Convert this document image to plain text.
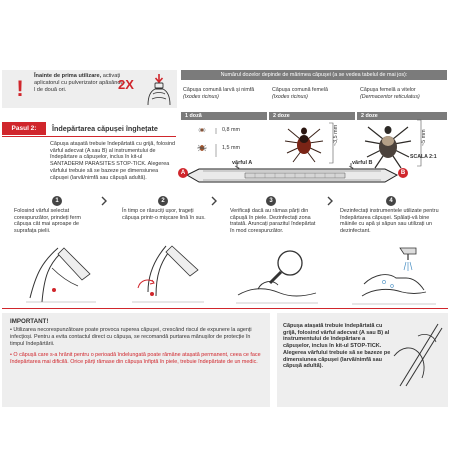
!	Înainte de prima utilizare, activați aplicatorul cu pulverizator apăsându-l de două ori.	2X
Numărul dozelor depinde de mărimea căpușei (a se vedea tabelul de mai jos):
Căpușa comună larvă și nimfă
(Ixodes ricinus)
1 doză
0,8 mm
1,5 mm
Căpușa comună femelă
(Ixodes ricinus)
2 doze
~3,5 mm
Căpușa femelă a vitelor
(Dermacentor reticulatus)
2 doze
~5 mm
SCALA 2:1
Pasul 2:	Îndepărtarea căpușei înghețate
Căpușa atașată trebuie îndepărtată cu grijă, folosind vârful adecvat (A sau B) al instrumentului de îndepărtare a căpușelor, inclus în kit-ul SANTADERM PARASITES STOP-TICK. Alegerea vârfului trebuie să se bazeze pe dimensiunea căpușei (larvă/nimfă sau căpușă adultă).
vârful A	vârful B
A	B
1
Folosind vârful selectat corespunzător, prindeți ferm căpușa cât mai aproape de suprafața pielii.
2
În timp ce răsuciți ușor, trageți căpușa printr-o mișcare lină în sus.
3
Verificați dacă au rămas părți din căpușă în piele. Dezinfectați zona tratată. Aruncați parazitul îndepărtat în mod corespunzător.
4
Dezinfectați instrumentele utilizate pentru îndepărtarea căpușei. Spălați-vă bine mâinile cu apă și săpun sau utilizați un dezinfectant.
IMPORTANT!
• Utilizarea necorespunzătoare poate provoca ruperea căpușei, crescând riscul de expunere la agenți infecțioși. Pentru a evita contactul direct cu căpușa, se recomandă purtarea mănușilor de protecție în timpul îndepărtării.
• O căpușă care s-a hrănit pentru o perioadă îndelungată poate rămâne atașată permanent, ceea ce face îndepărtarea mai dificilă. Orice părți rămase din căpușa înfiptă în piele, trebuie îndepărtate de un medic.
Căpușa atașată trebuie îndepărtată cu grijă, folosind vârful adecvat (A sau B) al instrumentului de îndepărtare a căpușelor, inclus în kit-ul STOP-TICK. Alegerea vârfului trebuie să se bazeze pe dimensiunea căpușei (larvă/nimfă sau căpușă adultă).
